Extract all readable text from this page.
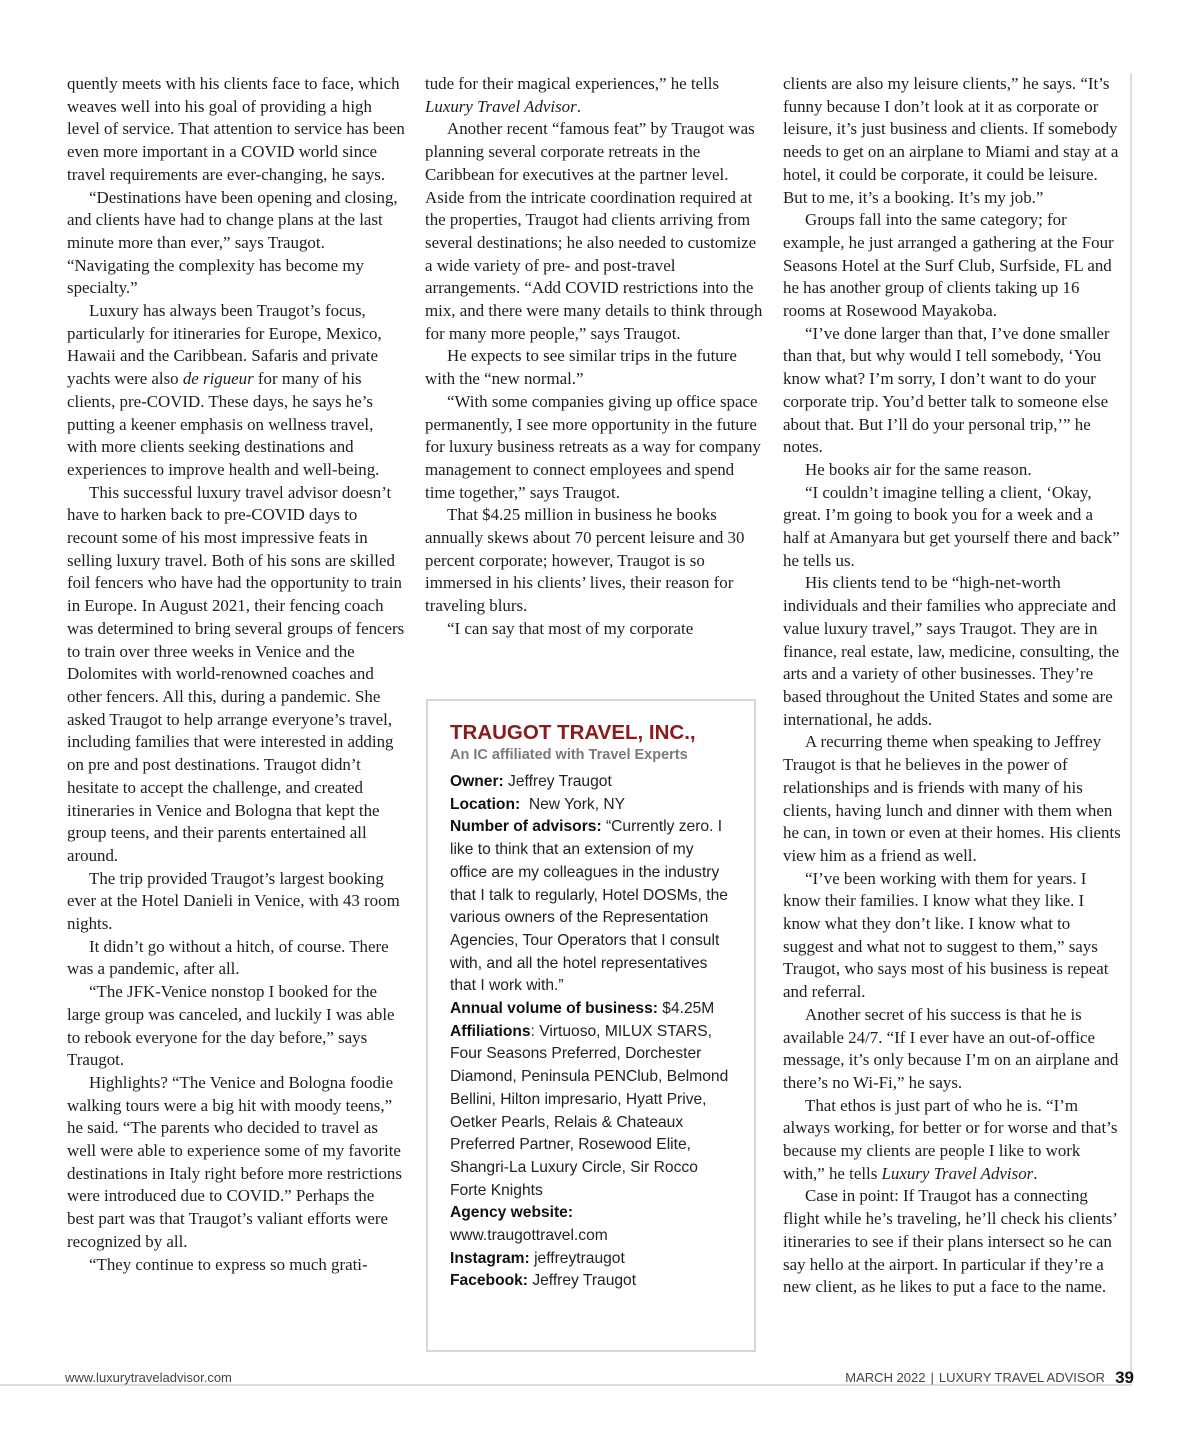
quently meets with his clients face to face, which weaves well into his goal of providing a high level of service. That attention to service has been even more important in a COVID world since travel requirements are ever-changing, he says.

“Destinations have been opening and closing, and clients have had to change plans at the last minute more than ever,” says Traugot. “Navigating the complexity has become my specialty.”

Luxury has always been Traugot’s focus, particularly for itineraries for Europe, Mexico, Hawaii and the Caribbean. Safaris and private yachts were also de rigueur for many of his clients, pre-COVID. These days, he says he’s putting a keener emphasis on wellness travel, with more clients seeking destinations and experiences to improve health and well-being.

This successful luxury travel advisor doesn’t have to harken back to pre-COVID days to recount some of his most impressive feats in selling luxury travel. Both of his sons are skilled foil fencers who have had the opportunity to train in Europe. In August 2021, their fencing coach was determined to bring several groups of fencers to train over three weeks in Venice and the Dolomites with world-renowned coaches and other fencers. All this, during a pandemic. She asked Traugot to help arrange everyone’s travel, including families that were interested in adding on pre and post destinations. Traugot didn’t hesitate to accept the challenge, and created itineraries in Venice and Bologna that kept the group teens, and their parents entertained all around.

The trip provided Traugot’s largest booking ever at the Hotel Danieli in Venice, with 43 room nights.

It didn’t go without a hitch, of course. There was a pandemic, after all.

“The JFK-Venice nonstop I booked for the large group was canceled, and luckily I was able to rebook everyone for the day before,” says Traugot.

Highlights? “The Venice and Bologna foodie walking tours were a big hit with moody teens,” he said. “The parents who decided to travel as well were able to experience some of my favorite destinations in Italy right before more restrictions were introduced due to COVID.” Perhaps the best part was that Traugot’s valiant efforts were recognized by all.

“They continue to express so much grati-

tude for their magical experiences,” he tells Luxury Travel Advisor.

Another recent “famous feat” by Traugot was planning several corporate retreats in the Caribbean for executives at the partner level. Aside from the intricate coordination required at the properties, Traugot had clients arriving from several destinations; he also needed to customize a wide variety of pre- and post-travel arrangements. “Add COVID restrictions into the mix, and there were many details to think through for many more people,” says Traugot.

He expects to see similar trips in the future with the “new normal.”

“With some companies giving up office space permanently, I see more opportunity in the future for luxury business retreats as a way for company management to connect employees and spend time together,” says Traugot.

That $4.25 million in business he books annually skews about 70 percent leisure and 30 percent corporate; however, Traugot is so immersed in his clients’ lives, their reason for traveling blurs.

“I can say that most of my corporate

TRAUGOT TRAVEL, INC.,
An IC affiliated with Travel Experts
Owner: Jeffrey Traugot
Location:  New York, NY
Number of advisors: “Currently zero. I like to think that an extension of my office are my colleagues in the industry that I talk to regularly, Hotel DOSMs, the various owners of the Representation Agencies, Tour Operators that I consult with, and all the hotel representatives that I work with.”
Annual volume of business: $4.25M
Affiliations: Virtuoso, MILUX STARS, Four Seasons Preferred, Dorchester Diamond, Peninsula PENClub, Belmond Bellini, Hilton impresario, Hyatt Prive, Oetker Pearls, Relais & Chateaux Preferred Partner, Rosewood Elite, Shangri-La Luxury Circle, Sir Rocco Forte Knights
Agency website:
www.traugottravel.com
Instagram: jeffreytraugot
Facebook: Jeffrey Traugot

clients are also my leisure clients,” he says. “It’s funny because I don’t look at it as corporate or leisure, it’s just business and clients. If somebody needs to get on an airplane to Miami and stay at a hotel, it could be corporate, it could be leisure. But to me, it’s a booking. It’s my job.”

Groups fall into the same category; for example, he just arranged a gathering at the Four Seasons Hotel at the Surf Club, Surfside, FL and he has another group of clients taking up 16 rooms at Rosewood Mayakoba.

“I’ve done larger than that, I’ve done smaller than that, but why would I tell somebody, ‘You know what? I’m sorry, I don’t want to do your corporate trip. You’d better talk to someone else about that. But I’ll do your personal trip,’” he notes.

He books air for the same reason.

“I couldn’t imagine telling a client, ‘Okay, great. I’m going to book you for a week and a half at Amanyara but get yourself there and back” he tells us.

His clients tend to be “high-net-worth individuals and their families who appreciate and value luxury travel,” says Traugot. They are in finance, real estate, law, medicine, consulting, the arts and a variety of other businesses. They’re based throughout the United States and some are international, he adds.

A recurring theme when speaking to Jeffrey Traugot is that he believes in the power of relationships and is friends with many of his clients, having lunch and dinner with them when he can, in town or even at their homes. His clients view him as a friend as well.

“I’ve been working with them for years. I know their families. I know what they like. I know what they don’t like. I know what to suggest and what not to suggest to them,” says Traugot, who says most of his business is repeat and referral.

Another secret of his success is that he is available 24/7. “If I ever have an out-of-office message, it’s only because I’m on an airplane and there’s no Wi-Fi,” he says.

That ethos is just part of who he is. “I’m always working, for better or for worse and that’s because my clients are people I like to work with,” he tells Luxury Travel Advisor.

Case in point: If Traugot has a connecting flight while he’s traveling, he’ll check his clients’ itineraries to see if their plans intersect so he can say hello at the airport. In particular if they’re a new client, as he likes to put a face to the name.

www.luxurytraveladvisor.com	MARCH 2022 | LUXURY TRAVEL ADVISOR 39
